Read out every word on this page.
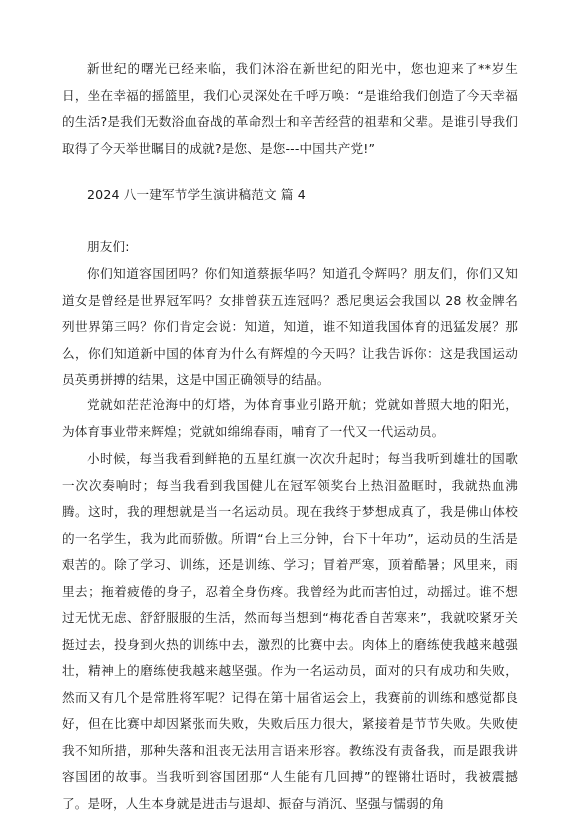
新世纪的曙光已经来临，我们沐浴在新世纪的阳光中，您也迎来了**岁生日，坐在幸福的摇篮里，我们心灵深处在千呼万唤：“是谁给我们创造了今天幸福的生活?是我们无数浴血奋战的革命烈士和辛苦经营的祖辈和父辈。是谁引导我们取得了今天举世瞩目的成就?是您、是您---中国共产党!”

2024 八一建军节学生演讲稿范文 篇 4

朋友们:

你们知道容国团吗？你们知道蔡振华吗？知道孔令辉吗？朋友们，你们又知道女是曾经是世界冠军吗？女排曾获五连冠吗？悉尼奥运会我国以 28 枚金牌名列世界第三吗？你们肯定会说：知道，知道，谁不知道我国体育的迅猛发展？那么，你们知道新中国的体育为什么有辉煌的今天吗？让我告诉你：这是我国运动员英勇拼搏的结果，这是中国正确领导的结晶。

党就如茫茫沧海中的灯塔，为体育事业引路开航；党就如普照大地的阳光，为体育事业带来辉煌；党就如绵绵春雨，哺育了一代又一代运动员。

小时候，每当我看到鲜艳的五星红旗一次次升起时；每当我听到雄壮的国歌一次次奏响时；每当我看到我国健儿在冠军领奖台上热泪盈眶时，我就热血沸腾。这时，我的理想就是当一名运动员。现在我终于梦想成真了，我是佛山体校的一名学生，我为此而骄傲。所谓“台上三分钟，台下十年功”，运动员的生活是艰苦的。除了学习、训练，还是训练、学习；冒着严寒，顶着酷暑；风里来，雨里去；拖着疲倦的身子，忍着全身伤疼。我曾经为此而害怕过，动摇过。谁不想过无忧无虑、舒舒服服的生活，然而每当想到“梅花香自苦寒来”，我就咬紧牙关挺过去，投身到火热的训练中去，激烈的比赛中去。肉体上的磨练使我越来越强壮，精神上的磨练使我越来越坚强。作为一名运动员，面对的只有成功和失败，然而又有几个是常胜将军呢？记得在第十届省运会上，我赛前的训练和感觉都良好，但在比赛中却因紧张而失败，失败后压力很大，紧接着是节节失败。失败使我不知所措，那种失落和沮丧无法用言语来形容。教练没有责备我，而是跟我讲容国团的故事。当我听到容国团那“人生能有几回搏”的铿锵壮语时，我被震撼了。是呀，人生本身就是进击与退却、振奋与消沉、坚强与懦弱的角
